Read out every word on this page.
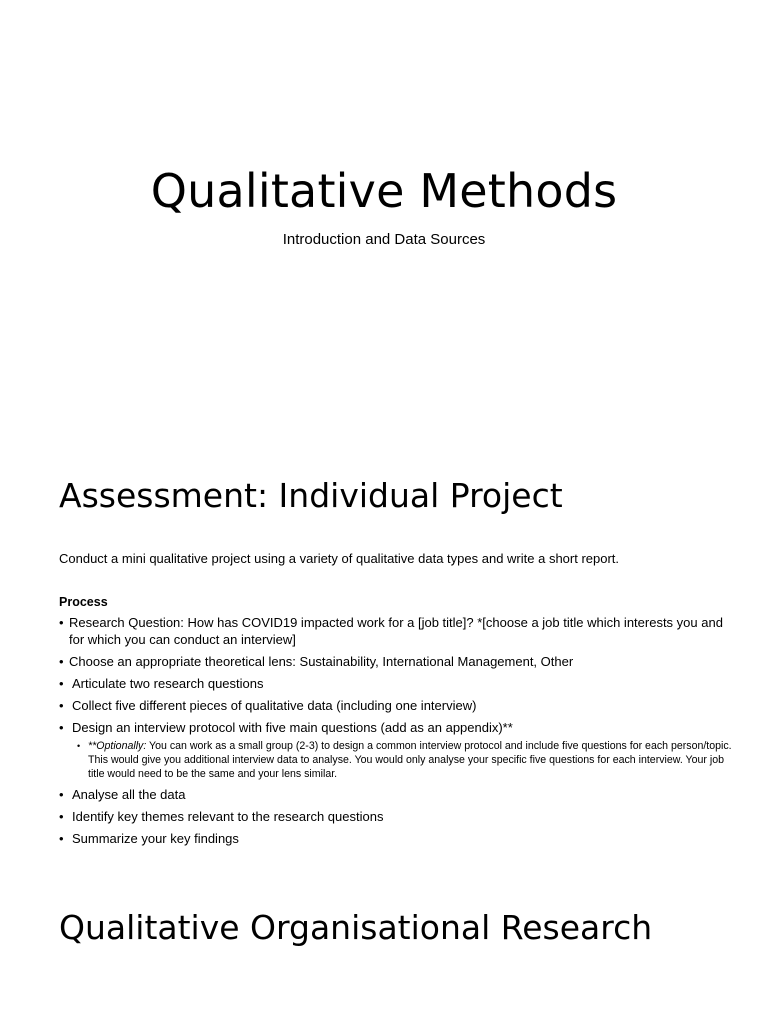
Qualitative Methods
Introduction and Data Sources
Assessment: Individual Project
Conduct a mini qualitative project using a variety of qualitative data types and write a short report.
Process
• Research Question: How has COVID19 impacted work for a [job title]? *[choose a job title which interests you and for which you can conduct an interview]
• Choose an appropriate theoretical lens: Sustainability, International Management, Other
• Articulate two research questions
• Collect five different pieces of qualitative data (including one interview)
• Design an interview protocol with five main questions (add as an appendix)**
• **Optionally: You can work as a small group (2-3) to design a common interview protocol and include five questions for each person/topic. This would give you additional interview data to analyse. You would only analyse your specific five questions for each interview. Your job title would need to be the same and your lens similar.
• Analyse all the data
• Identify key themes relevant to the research questions
• Summarize your key findings
Qualitative Organisational Research
